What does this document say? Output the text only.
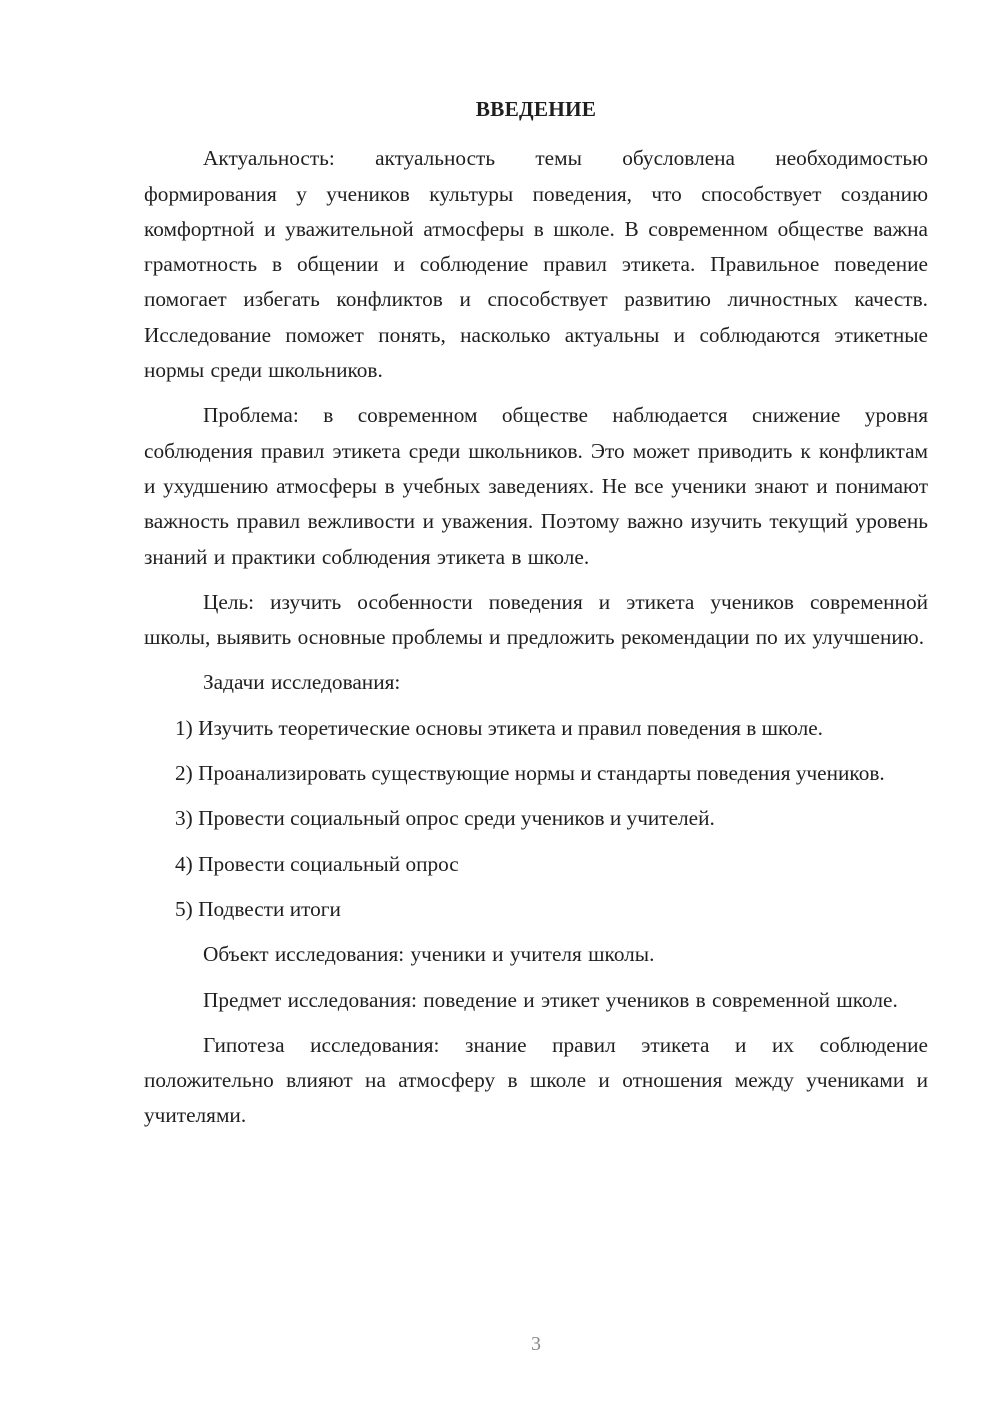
ВВЕДЕНИЕ

Актуальность: актуальность темы обусловлена необходимостью формирования у учеников культуры поведения, что способствует созданию комфортной и уважительной атмосферы в школе. В современном обществе важна грамотность в общении и соблюдение правил этикета. Правильное поведение помогает избегать конфликтов и способствует развитию личностных качеств. Исследование поможет понять, насколько актуальны и соблюдаются этикетные нормы среди школьников.

Проблема: в современном обществе наблюдается снижение уровня соблюдения правил этикета среди школьников. Это может приводить к конфликтам и ухудшению атмосферы в учебных заведениях. Не все ученики знают и понимают важность правил вежливости и уважения. Поэтому важно изучить текущий уровень знаний и практики соблюдения этикета в школе.

Цель: изучить особенности поведения и этикета учеников современной школы, выявить основные проблемы и предложить рекомендации по их улучшению.

Задачи исследования:

1) Изучить теоретические основы этикета и правил поведения в школе.

2) Проанализировать существующие нормы и стандарты поведения учеников.

3) Провести социальный опрос среди учеников и учителей.

4) Провести социальный опрос

5) Подвести итоги

Объект исследования: ученики и учителя школы.

Предмет исследования: поведение и этикет учеников в современной школе.

Гипотеза исследования: знание правил этикета и их соблюдение положительно влияют на атмосферу в школе и отношения между учениками и учителями.

3
